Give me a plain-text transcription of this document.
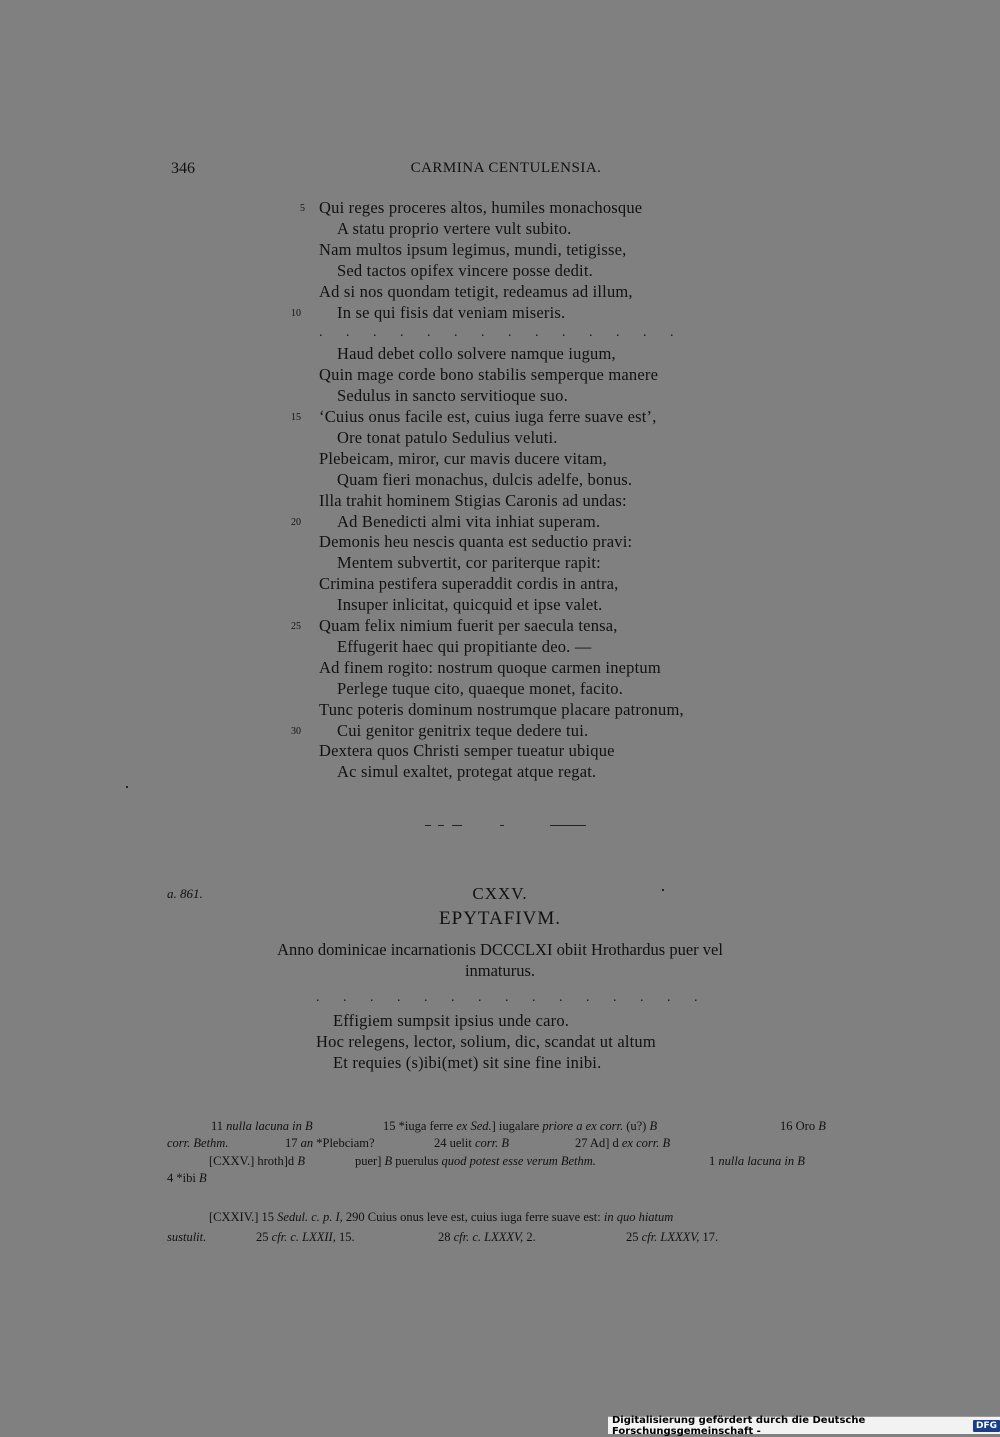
346	CARMINA CENTULENSIA.
Qui reges proceres altos, humiles monachosque
5
A statu proprio vertere vult subito.
Nam multos ipsum legimus, mundi, tetigisse,
Sed tactos opifex vincere posse dedit.
Ad si nos quondam tetigit, redeamus ad illum,
In se qui fisis dat veniam miseris.
10
. . . . . . . . . . . . . .
Haud debet collo solvere namque iugum,
Quin mage corde bono stabilis semperque manere
Sedulus in sancto servitioque suo.
‘Cuius onus facile est, cuius iuga ferre suave est’,
15
Ore tonat patulo Sedulius veluti.
Plebeicam, miror, cur mavis ducere vitam,
Quam fieri monachus, dulcis adelfe, bonus.
Illa trahit hominem Stigias Caronis ad undas:
Ad Benedicti almi vita inhiat superam.
20
Demonis heu nescis quanta est seductio pravi:
Mentem subvertit, cor pariterque rapit:
Crimina pestifera superaddit cordis in antra,
Insuper inlicitat, quicquid et ipse valet.
Quam felix nimium fuerit per saecula tensa,
25
Effugerit haec qui propitiante deo. —
Ad finem rogito: nostrum quoque carmen ineptum
Perlege tuque cito, quaeque monet, facito.
Tunc poteris dominum nostrumque placare patronum,
Cui genitor genitrix teque dedere tui.
30
Dextera quos Christi semper tueatur ubique
Ac simul exaltet, protegat atque regat.
a. 861.	CXXV.
EPYTAFIVM.
Anno dominicae incarnationis DCCCLXI obiit Hrothardus puer vel
inmaturus.
. . . . . . . . . . . . . . .
Effigiem sumpsit ipsius unde caro.
Hoc relegens, lector, solium, dic, scandat ut altum
Et requies (s)ibi(met) sit sine fine inibi.
11 nulla lacuna in B	15 *iuga ferre ex Sed.] iugalare priore a ex corr. (u?) B	16 Oro B
corr. Bethm.	17 an *Plebciam?	24 uelit corr. B	27 Ad] d ex corr. B
[CXXV.] hroth]d B	puer] B puerulus quod potest esse verum Bethm.	1 nulla lacuna in B
4 *ibi B
[CXXIV.] 15 Sedul. c. p. I, 290 Cuius onus leve est, cuius iuga ferre suave est: in quo hiatum
sustulit.	25 cfr. c. LXXII, 15.	28 cfr. c. LXXXV, 2.	25 cfr. LXXXV, 17.
Digitalisierung gefördert durch die Deutsche Forschungsgemeinschaft -	DFG
